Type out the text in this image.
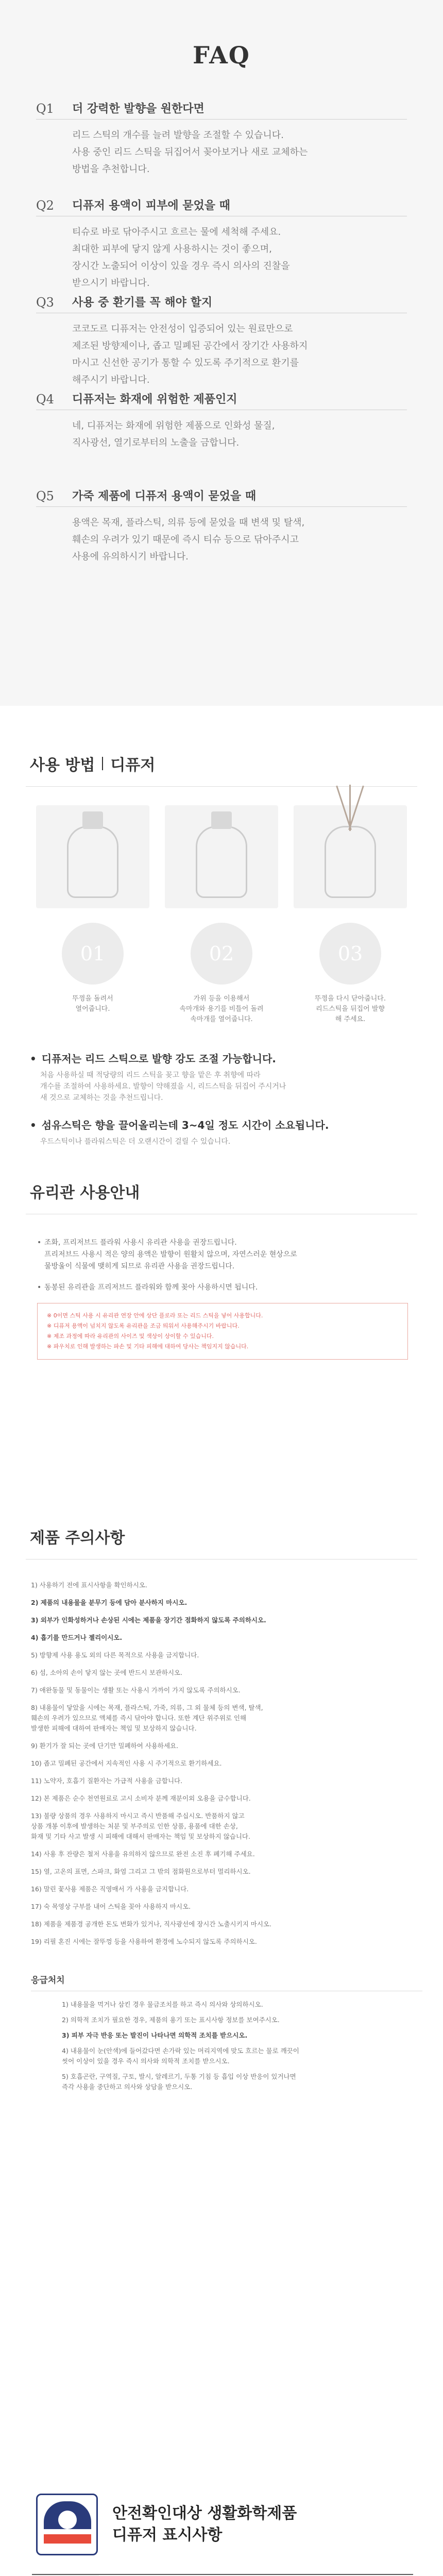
FAQ
Q1	더 강력한 발향을 원한다면
리드 스틱의 개수를 늘려 발향을 조절할 수 있습니다.
사용 중인 리드 스틱을 뒤집어서 꽂아보거나 새로 교체하는
방법을 추천합니다.
Q2	디퓨저 용액이 피부에 묻었을 때
티슈로 바로 닦아주시고 흐르는 물에 세척해 주세요.
최대한 피부에 닿지 않게 사용하시는 것이 좋으며,
장시간 노출되어 이상이 있을 경우 즉시 의사의 진찰을
받으시기 바랍니다.
Q3	사용 중 환기를 꼭 해야 할지
코코도르 디퓨저는 안전성이 입증되어 있는 원료만으로
제조된 방향제이나, 좁고 밀폐된 공간에서 장기간 사용하지
마시고 신선한 공기가 통할 수 있도록 주기적으로 환기를
해주시기 바랍니다.
Q4	디퓨저는 화재에 위험한 제품인지
네, 디퓨저는 화재에 위험한 제품으로 인화성 물질,
직사광선, 열기로부터의 노출을 금합니다.
Q5	가죽 제품에 디퓨저 용액이 묻었을 때
용액은 목재, 플라스틱, 의류 등에 묻었을 때 변색 및 탈색,
훼손의 우려가 있기 때문에 즉시 티슈 등으로 닦아주시고
사용에 유의하시기 바랍니다.
사용 방법 디퓨저
01
뚜껑을 돌려서
열어줍니다.
02
가위 등을 이용해서
속마개와 용기를 비틀어 돌려
속마개를 열어줍니다.
03
뚜껑을 다시 닫아줍니다.
리드스틱을 뒤집어 발향
해 주세요.
• 디퓨저는 리드 스틱으로 발향 강도 조절 가능합니다.
처음 사용하실 때 적당량의 리드 스틱을 꽂고 향을 맡은 후 취향에 따라
개수를 조절하여 사용하세요. 발향이 약해졌을 시, 리드스틱을 뒤집어 주시거나
새 것으로 교체하는 것을 추천드립니다.
• 섬유스틱은 향을 끌어올리는데 3~4일 정도 시간이 소요됩니다.
우드스틱이나 플라워스틱은 더 오랜시간이 걸릴 수 있습니다.
유리관 사용안내
• 조화, 프리저브드 플라워 사용시 유리관 사용을 권장드립니다.
프리저브드 사용시 적은 양의 용액은 발향이 원활치 않으며, 자연스러운 현상으로
물방울이 식물에 맺히게 되므로 유리관 사용을 권장드립니다.
• 동봉된 유리관을 프리저브드 플라워와 함께 꽂아 사용하시면 됩니다.

※ 0이면 스틱 사용 시 유리관 연장 안에 상단 플로라 또는 리드 스틱을 넣어 사용합니다.

※ 디퓨저 용액이 넘치지 않도록 유리관을 조금 띄워서 사용해주시기 바랍니다.

※ 제조 과정에 따라 유리관의 사이즈 및 색상이 상이할 수 있습니다.

※ 파우치로 인해 발생하는 파손 및 기타 피해에 대하여 당사는 책임지지 않습니다.

제품 주의사항
1) 사용하기 전에 표시사항을 확인하시오.
2) 제품의 내용물을 분무기 등에 담아 분사하지 마시오.
3) 외부가 인화성하거나 손상된 시에는 제품을 장기간 점화하지 않도록 주의하시오.
4) 흡기를 만드거나 젤리이시오.
5) 방향제 사용 용도 외의 다른 목적으로 사용을 금지합니다.
6) 섬, 소아의 손이 닿지 않는 곳에 반드시 보관하시오.
7) 애완동물 및 동물이는 생활 또는 사용시 가까이 가지 않도록 주의하시오.
8) 내용물이 닿았을 시에는 목재, 플라스틱, 가죽, 의류, 그 외 물체 등의 변색, 탈색,
훼손의 우려가 있으므로 액체를 즉시 닦아야 합니다. 또한 계단 위주위로 인해
발생한 피해에 대하여 판매자는 책임 및 보상하지 않습니다.
9) 환기가 잘 되는 곳에 단기만 밀폐하여 사용하세요.
10) 좁고 밀폐된 공간에서 지속적인 사용 시 주기적으로 환기하세요.
11) 노약자, 호흡기 질환자는 가급적 사용을 금합니다.
12) 본 제품은 순수 천연원료로 고시 소비자 분께 재분이외 오용을 금수합니다.
13) 불량 상품의 경우 사용하지 마시고 즉시 반품해 주십시오. 반품하지 않고
상품 개봉 이후에 발생하는 처분 및 부주의로 인한 상품, 용품에 대한 손상,
화재 및 기타 사고 발생 시 피해에 대해서 판매자는 책임 및 보상하지 않습니다.
14) 사용 후 잔량은 철저 사용을 유의하지 않으므로 완전 소진 후 폐기해 주세요.
15) 열, 고온의 표면, 스파크, 화염 그리고 그 밖의 점화원으로부터 멀리하시오.
16) 말린 꽃사용 제품은 직영매서 가 사용을 금지합니다.
17) 숙 목영상 구부를 내어 스틱을 꽂아 사용하지 마시오.
18) 제품을 제품경 공개한 돈도 변화가 있거나, 직사광선에 장시간 노출시키지 마시오.
19) 리필 혼진 시에는 잘뚜껑 등을 사용하여 환경에 노수되지 않도록 주의하시오.
응급처치
1) 내용물을 먹거나 삼킨 경우 물금조치를 하고 즉시 의사와 상의하시오.
2) 의학적 조치가 필요한 경우, 제품의 용기 또는 표시사항 정보를 보여주시오.
3) 피부 자극 반응 또는 발진이 나타나면 의학적 조치를 받으시오.
4) 내용물이 눈(안색)에 들어갔다면 손가락 있는 머리지역에 맞도 흐르는 물로 깨끗이
씻어 이상이 있을 경우 즉시 의사와 의학적 조치를 받으시오.
5) 호흡곤란, 구역질, 구토, 발시, 알레르기, 두통 기침 등 흡입 이상 반응이 있거나면
즉각 사용을 중단하고 의사와 상담을 받으시오.
안전확인대상 생활화학제품
디퓨저 표시사항
